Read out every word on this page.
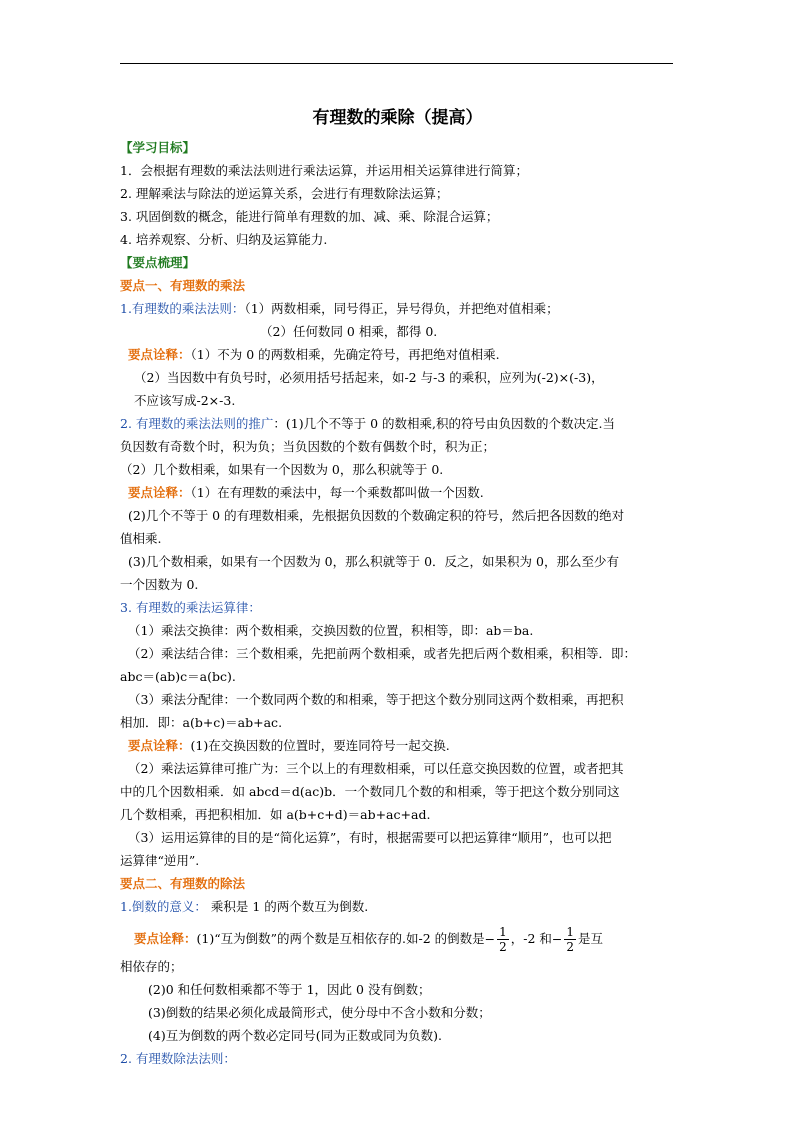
有理数的乘除（提高）

【学习目标】

1．会根据有理数的乘法法则进行乘法运算，并运用相关运算律进行简算；

2. 理解乘法与除法的逆运算关系，会进行有理数除法运算；

3. 巩固倒数的概念，能进行简单有理数的加、减、乘、除混合运算；

4. 培养观察、分析、归纳及运算能力.

【要点梳理】

要点一、有理数的乘法

1.有理数的乘法法则：（1）两数相乘，同号得正，异号得负，并把绝对值相乘；

（2）任何数同 0 相乘，都得 0.

要点诠释：（1）不为 0 的两数相乘，先确定符号，再把绝对值相乘.

（2）当因数中有负号时，必须用括号括起来，如-2 与-3 的乘积，应列为(-2)×(-3)，

不应该写成-2×-3.

2. 有理数的乘法法则的推广：(1)几个不等于 0 的数相乘,积的符号由负因数的个数决定.当

负因数有奇数个时，积为负；当负因数的个数有偶数个时，积为正；

（2）几个数相乘，如果有一个因数为 0，那么积就等于 0.

要点诠释：（1）在有理数的乘法中，每一个乘数都叫做一个因数.

(2)几个不等于 0 的有理数相乘，先根据负因数的个数确定积的符号，然后把各因数的绝对

值相乘.

(3)几个数相乘，如果有一个因数为 0，那么积就等于 0．反之，如果积为 0，那么至少有

一个因数为 0.

3. 有理数的乘法运算律：

（1）乘法交换律：两个数相乘，交换因数的位置，积相等，即：ab＝ba.

（2）乘法结合律：三个数相乘，先把前两个数相乘，或者先把后两个数相乘，积相等．即：

abc＝(ab)c＝a(bc).

（3）乘法分配律：一个数同两个数的和相乘，等于把这个数分别同这两个数相乘，再把积

相加．即：a(b+c)＝ab+ac.

要点诠释：(1)在交换因数的位置时，要连同符号一起交换.

（2）乘法运算律可推广为：三个以上的有理数相乘，可以任意交换因数的位置，或者把其

中的几个因数相乘．如 abcd＝d(ac)b．一个数同几个数的和相乘，等于把这个数分别同这

几个数相乘，再把积相加．如 a(b+c+d)＝ab+ac+ad.

（3）运用运算律的目的是“简化运算”，有时，根据需要可以把运算律“顺用”，也可以把

运算律“逆用”.

要点二、有理数的除法

1.倒数的意义： 乘积是 1 的两个数互为倒数.

要点诠释：(1)“互为倒数”的两个数是互相依存的.如-2 的倒数是− $\frac{1}{2}$ ，-2 和− $\frac{1}{2}$ 是互

相依存的；

(2)0 和任何数相乘都不等于 1，因此 0 没有倒数；

(3)倒数的结果必须化成最简形式，使分母中不含小数和分数；

(4)互为倒数的两个数必定同号(同为正数或同为负数).

2. 有理数除法法则：
